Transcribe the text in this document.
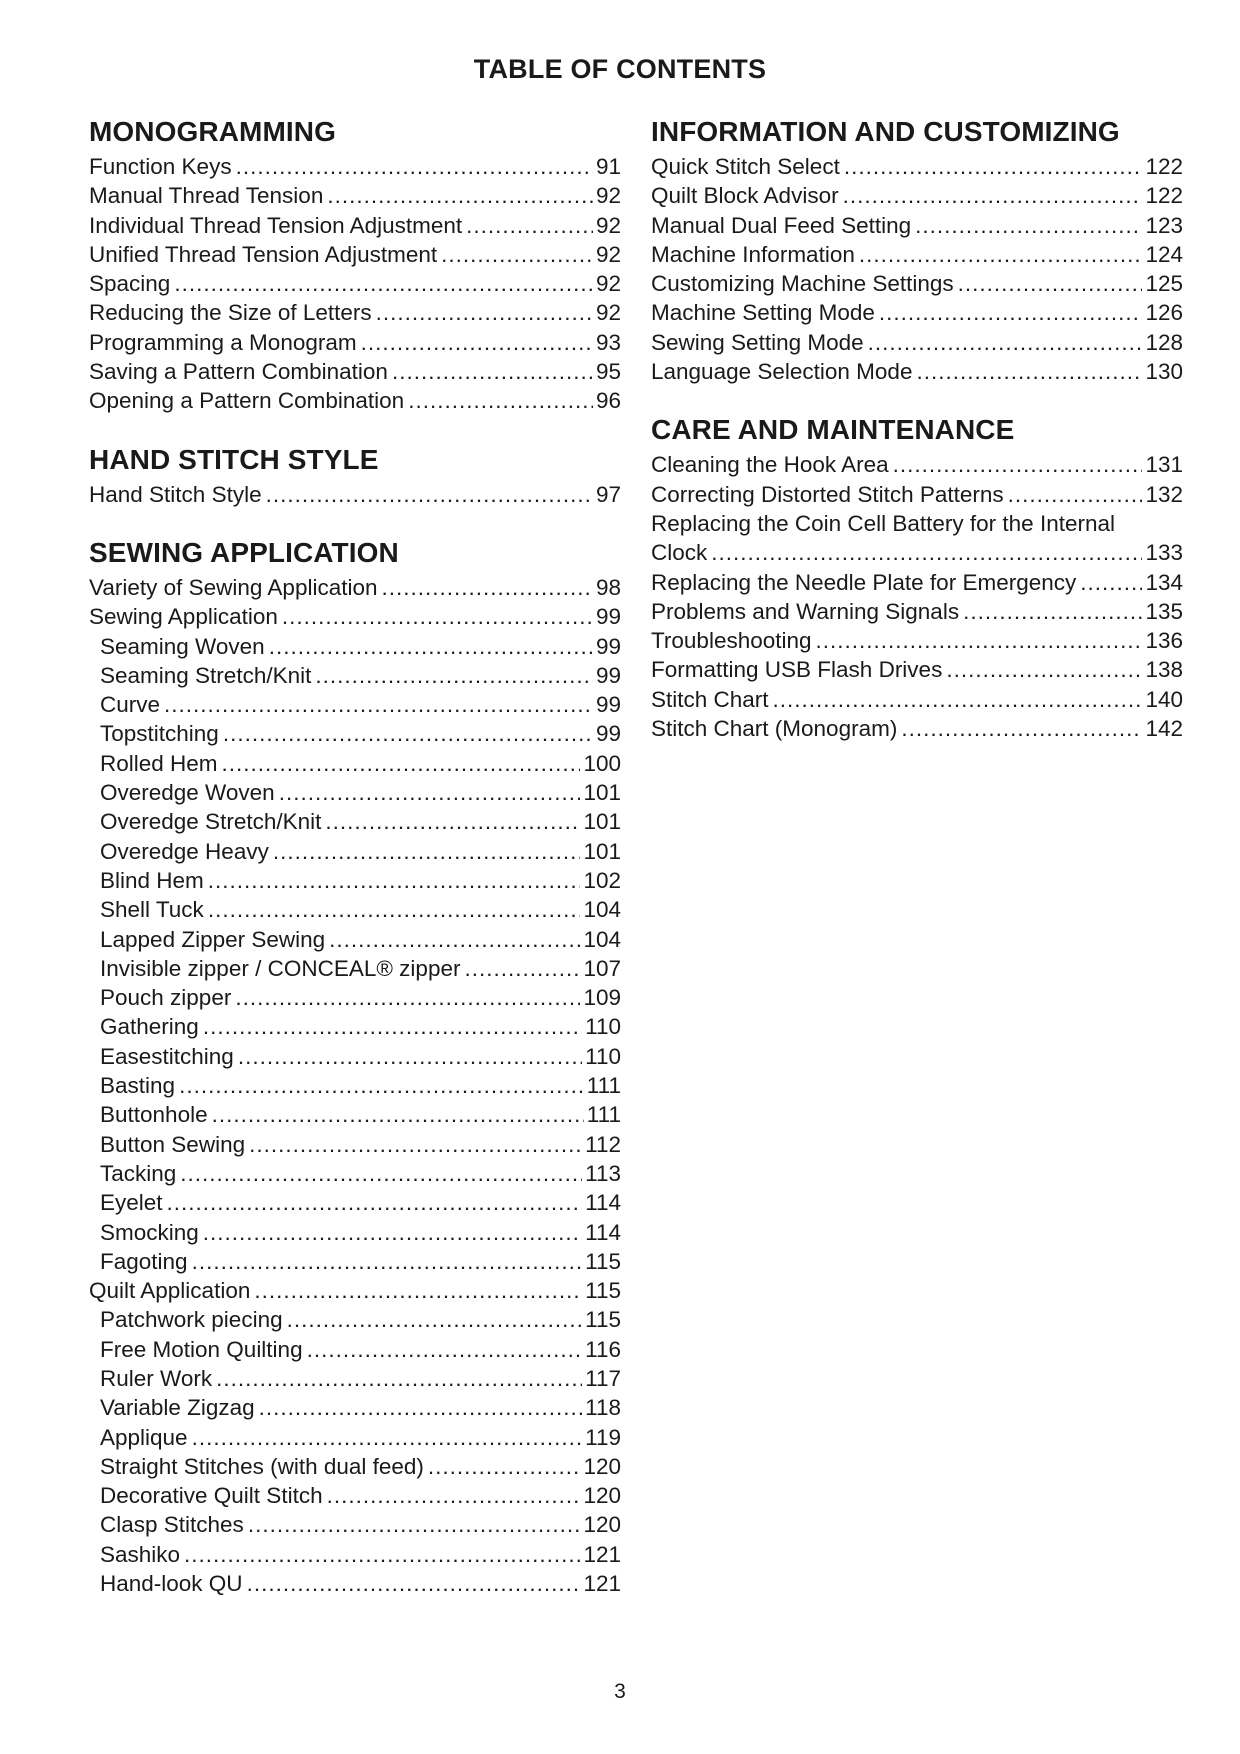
TABLE OF CONTENTS
MONOGRAMMING
Function Keys .....	91
Manual Thread Tension .....	92
Individual Thread Tension Adjustment .....	92
Unified Thread Tension Adjustment .....	92
Spacing .....	92
Reducing the Size of Letters .....	92
Programming a Monogram .....	93
Saving a Pattern Combination .....	95
Opening a Pattern Combination .....	96
HAND STITCH STYLE
Hand Stitch Style .....	97
SEWING APPLICATION
Variety of Sewing Application .....	98
Sewing Application .....	99
Seaming Woven .....	99
Seaming Stretch/Knit .....	99
Curve .....	99
Topstitching .....	99
Rolled Hem .....	100
Overedge Woven .....	101
Overedge Stretch/Knit .....	101
Overedge Heavy .....	101
Blind Hem .....	102
Shell Tuck .....	104
Lapped Zipper Sewing .....	104
Invisible zipper / CONCEAL® zipper .....	107
Pouch zipper .....	109
Gathering .....	110
Easestitching .....	110
Basting .....	111
Buttonhole .....	111
Button Sewing .....	112
Tacking .....	113
Eyelet .....	114
Smocking .....	114
Fagoting .....	115
Quilt Application .....	115
Patchwork piecing .....	115
Free Motion Quilting .....	116
Ruler Work .....	117
Variable Zigzag .....	118
Applique .....	119
Straight Stitches (with dual feed) .....	120
Decorative Quilt Stitch .....	120
Clasp Stitches .....	120
Sashiko .....	121
Hand-look QU .....	121
INFORMATION AND CUSTOMIZING
Quick Stitch Select .....	122
Quilt Block Advisor .....	122
Manual Dual Feed Setting .....	123
Machine Information .....	124
Customizing Machine Settings .....	125
Machine Setting Mode .....	126
Sewing Setting Mode .....	128
Language Selection Mode .....	130
CARE AND MAINTENANCE
Cleaning the Hook Area .....	131
Correcting Distorted Stitch Patterns .....	132
Replacing the Coin Cell Battery for the Internal
Clock .....	133
Replacing the Needle Plate for Emergency .....	134
Problems and Warning Signals .....	135
Troubleshooting .....	136
Formatting USB Flash Drives .....	138
Stitch Chart .....	140
Stitch Chart (Monogram) .....	142
3
